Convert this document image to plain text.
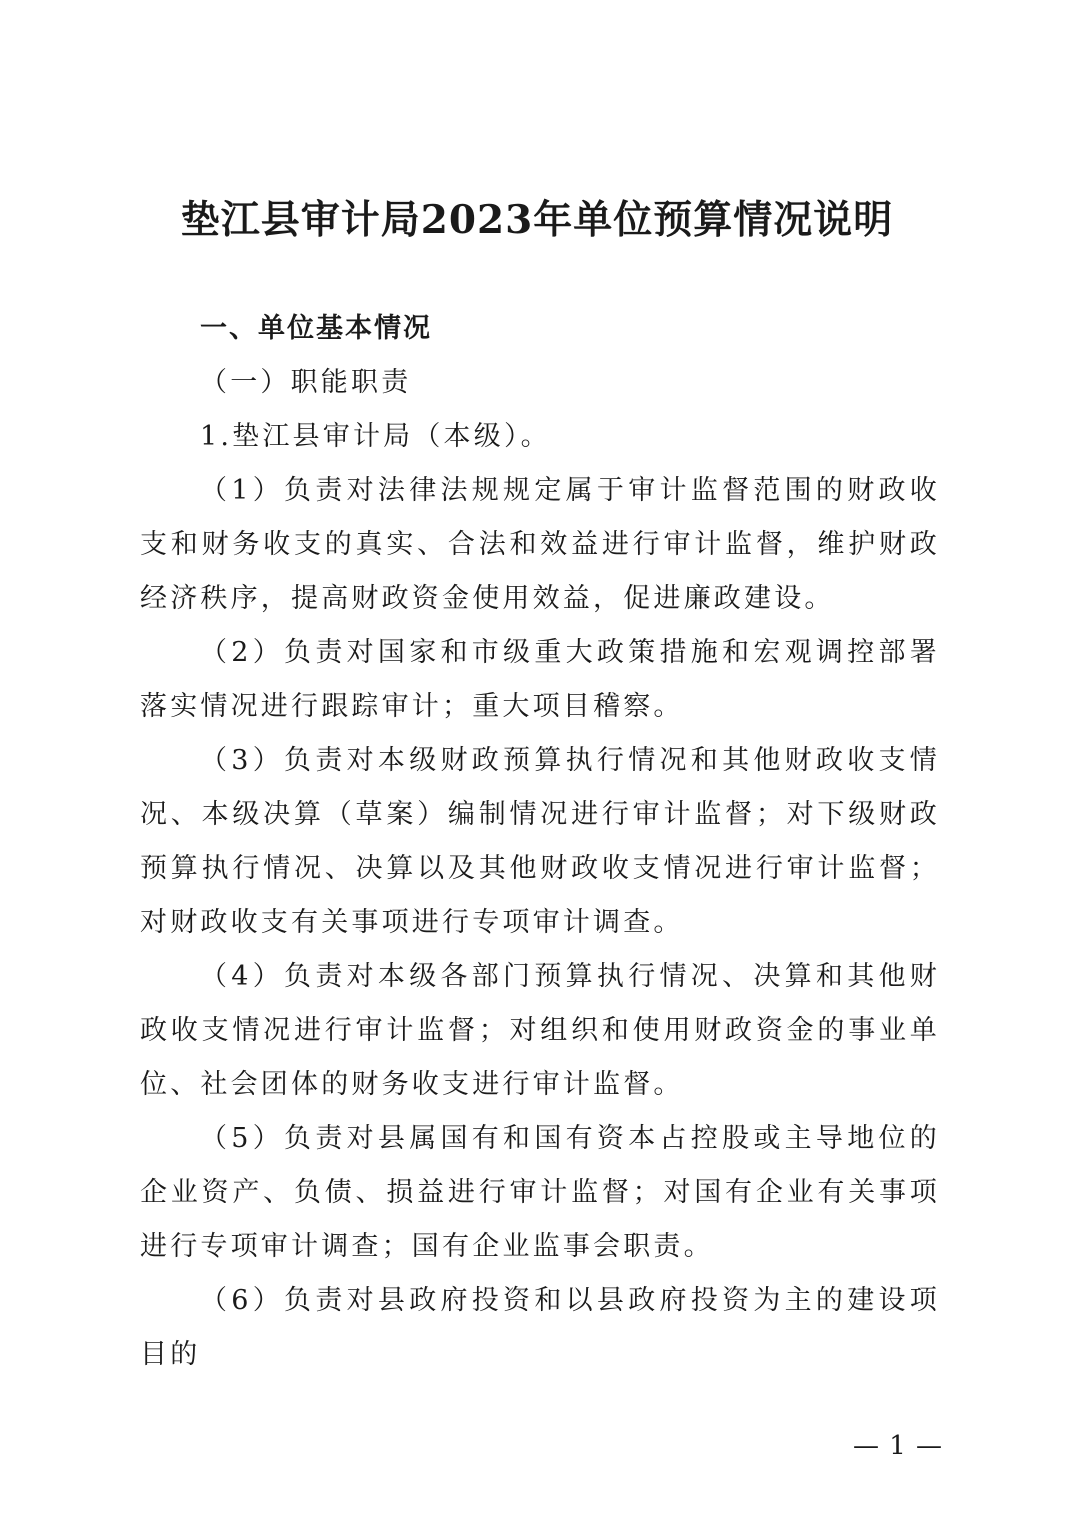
垫江县审计局2023年单位预算情况说明

一、单位基本情况

（一）职能职责

1.垫江县审计局（本级）。

（1）负责对法律法规规定属于审计监督范围的财政收支和财务收支的真实、合法和效益进行审计监督，维护财政经济秩序，提高财政资金使用效益，促进廉政建设。

（2）负责对国家和市级重大政策措施和宏观调控部署落实情况进行跟踪审计；重大项目稽察。

（3）负责对本级财政预算执行情况和其他财政收支情况、本级决算（草案）编制情况进行审计监督；对下级财政预算执行情况、决算以及其他财政收支情况进行审计监督；对财政收支有关事项进行专项审计调查。

（4）负责对本级各部门预算执行情况、决算和其他财政收支情况进行审计监督；对组织和使用财政资金的事业单位、社会团体的财务收支进行审计监督。

（5）负责对县属国有和国有资本占控股或主导地位的企业资产、负债、损益进行审计监督；对国有企业有关事项进行专项审计调查；国有企业监事会职责。

（6）负责对县政府投资和以县政府投资为主的建设项目的

— 1 —
